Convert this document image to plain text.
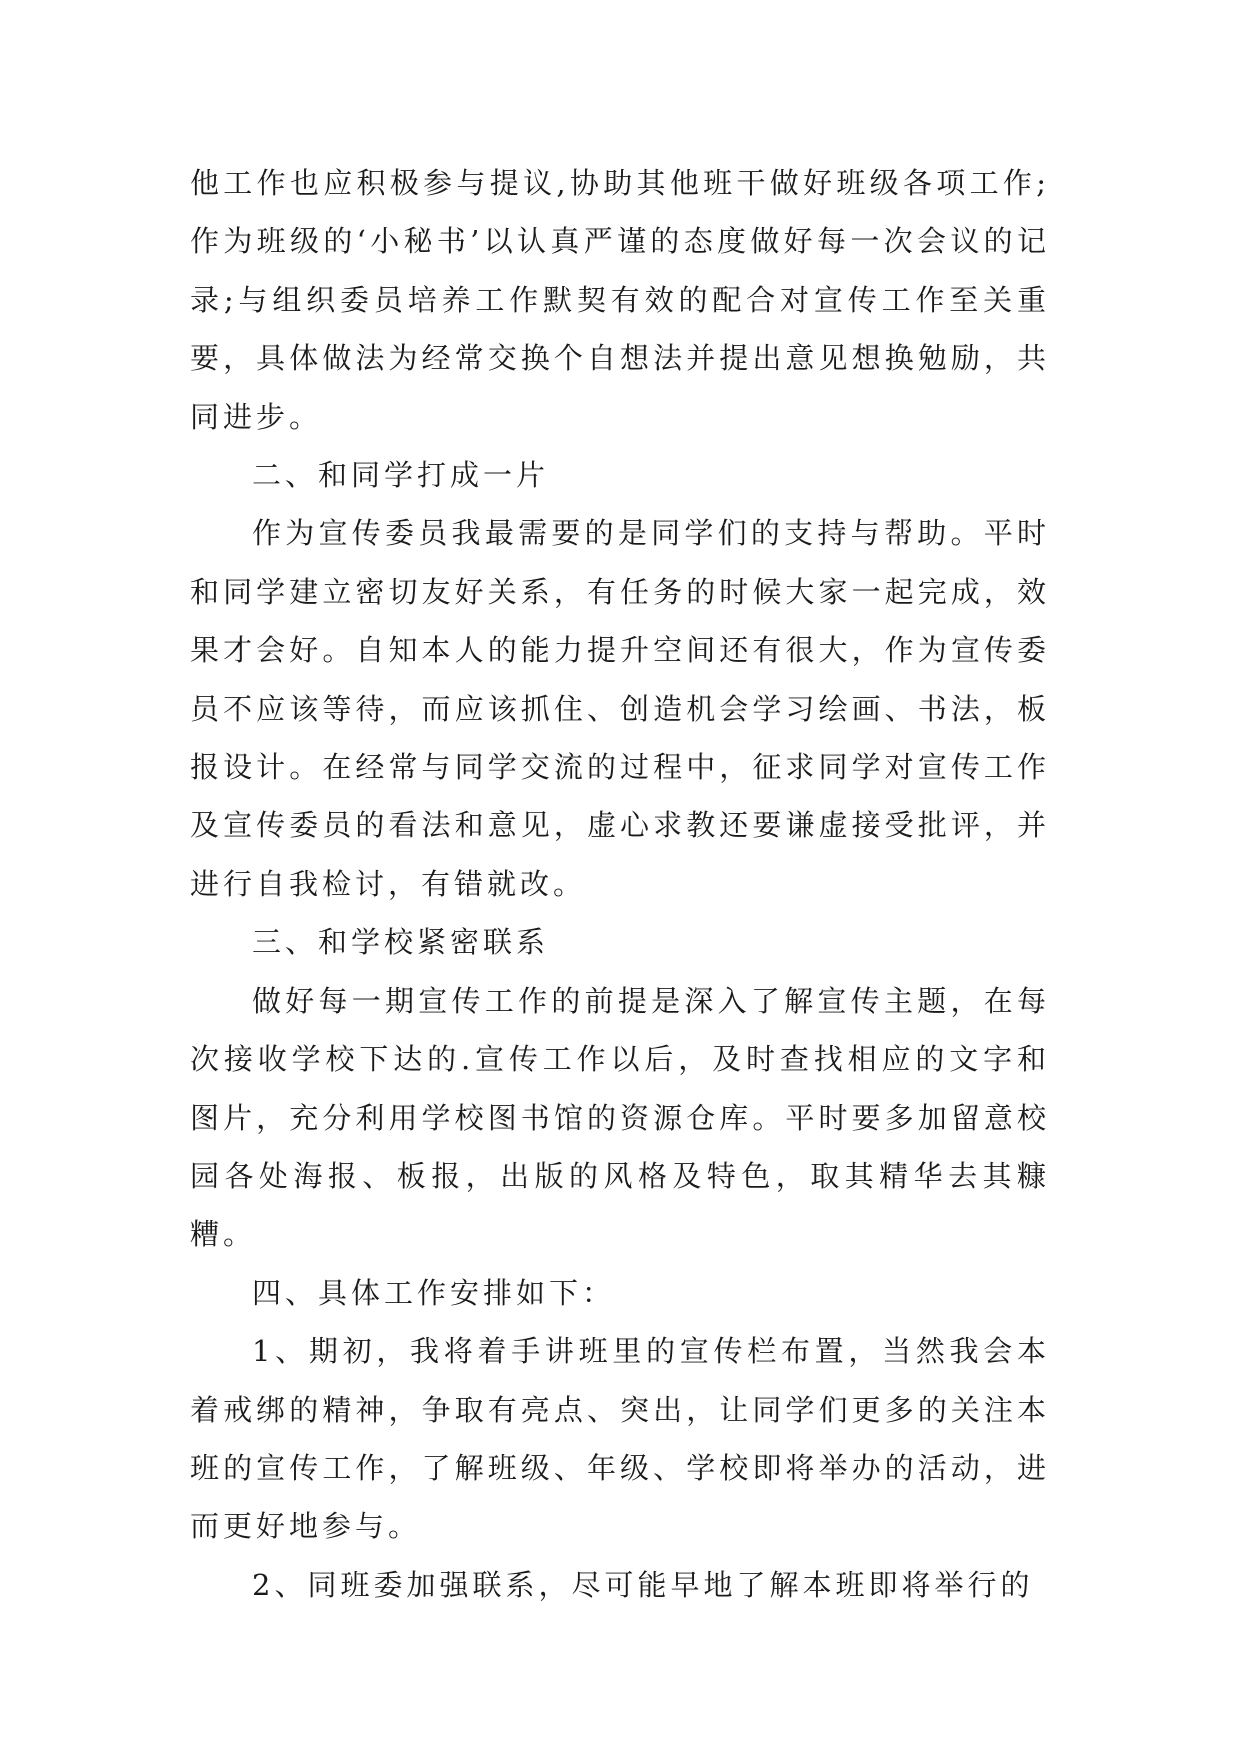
他工作也应积极参与提议,协助其他班干做好班级各项工作;作为班级的‘小秘书’以认真严谨的态度做好每一次会议的记录;与组织委员培养工作默契有效的配合对宣传工作至关重要，具体做法为经常交换个自想法并提出意见想换勉励，共同进步。

二、和同学打成一片

作为宣传委员我最需要的是同学们的支持与帮助。平时和同学建立密切友好关系，有任务的时候大家一起完成，效果才会好。自知本人的能力提升空间还有很大，作为宣传委员不应该等待，而应该抓住、创造机会学习绘画、书法，板报设计。在经常与同学交流的过程中，征求同学对宣传工作及宣传委员的看法和意见，虚心求教还要谦虚接受批评，并进行自我检讨，有错就改。

三、和学校紧密联系

做好每一期宣传工作的前提是深入了解宣传主题，在每次接收学校下达的.宣传工作以后，及时查找相应的文字和图片，充分利用学校图书馆的资源仓库。平时要多加留意校园各处海报、板报，出版的风格及特色，取其精华去其糠糟。

四、具体工作安排如下：

1、期初，我将着手讲班里的宣传栏布置，当然我会本着戒绑的精神，争取有亮点、突出，让同学们更多的关注本班的宣传工作，了解班级、年级、学校即将举办的活动，进而更好地参与。

2、同班委加强联系，尽可能早地了解本班即将举行的
